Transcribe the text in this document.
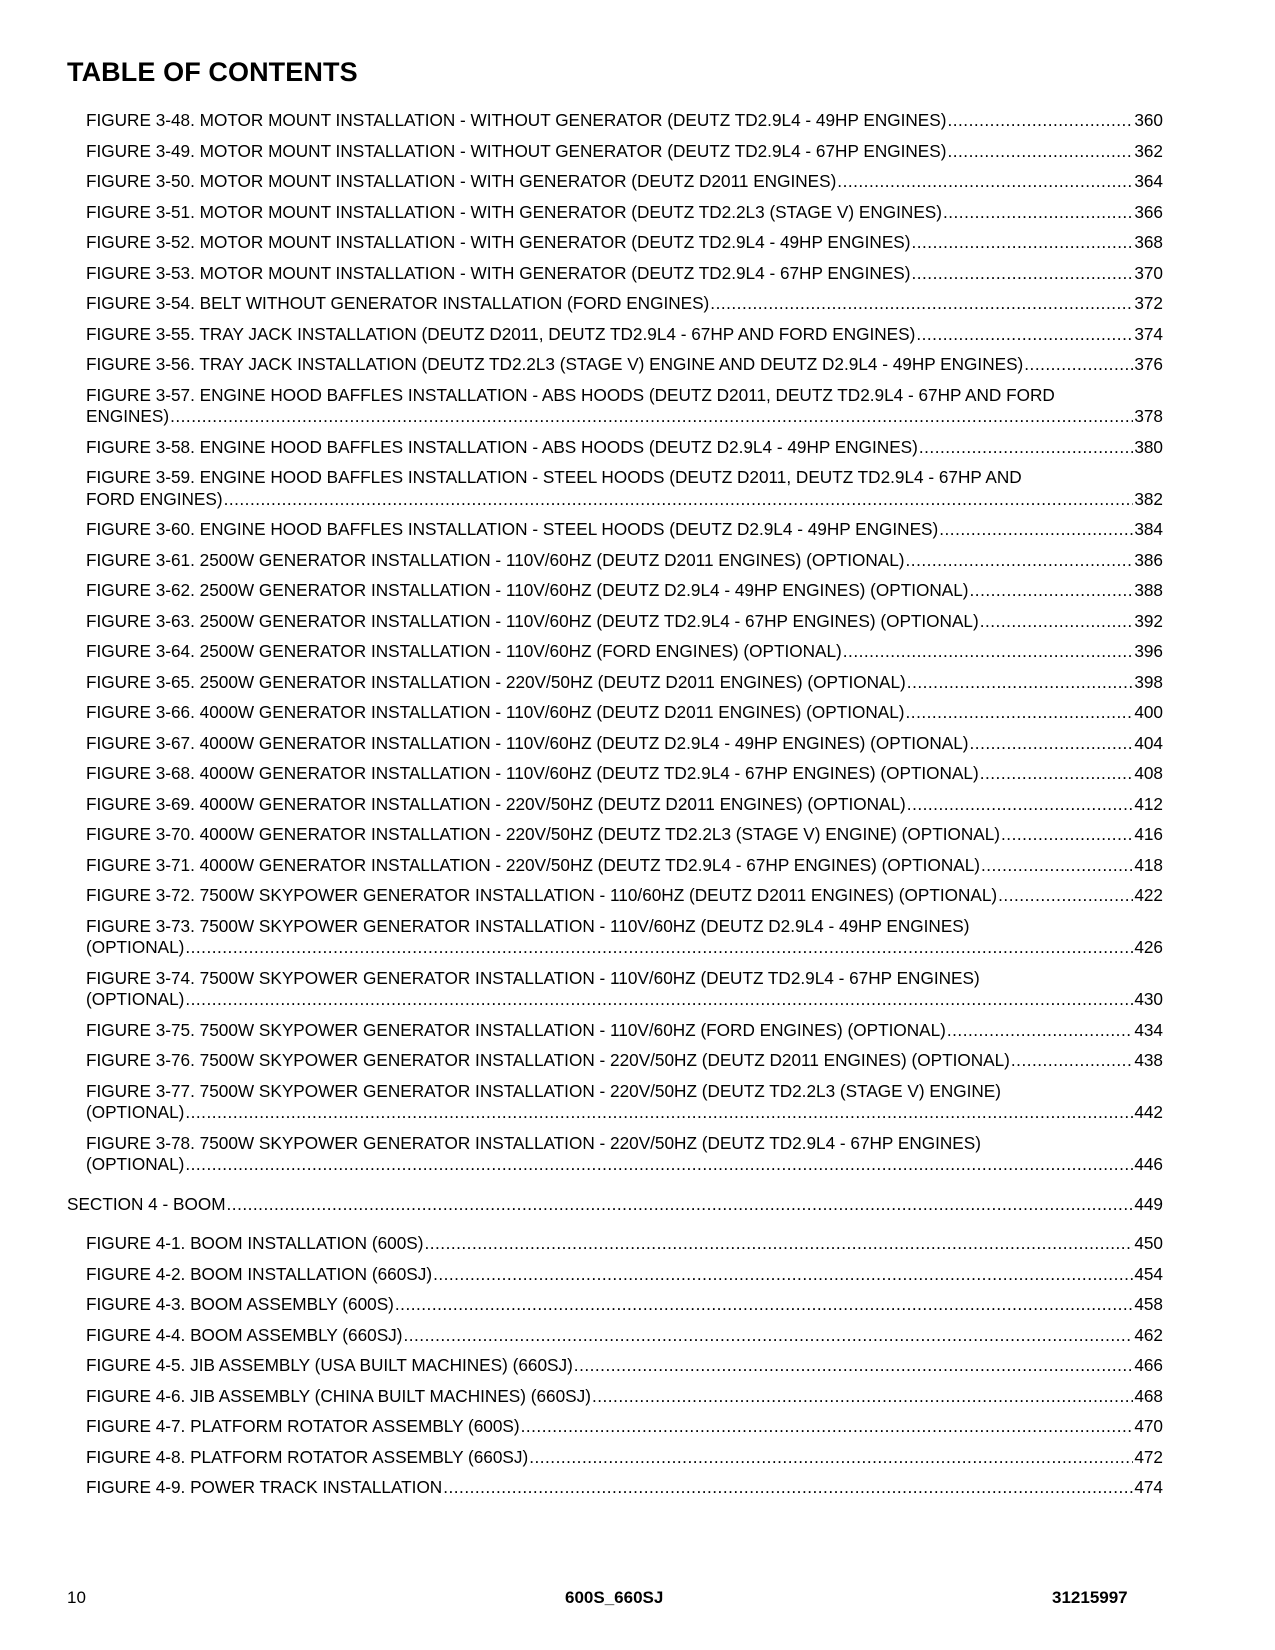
TABLE OF CONTENTS
FIGURE 3-48. MOTOR MOUNT INSTALLATION - WITHOUT GENERATOR (DEUTZ TD2.9L4 - 49HP ENGINES) .....	360
FIGURE 3-49. MOTOR MOUNT INSTALLATION - WITHOUT GENERATOR (DEUTZ TD2.9L4 - 67HP ENGINES) .....	362
FIGURE 3-50. MOTOR MOUNT INSTALLATION - WITH GENERATOR (DEUTZ D2011 ENGINES) .....	364
FIGURE 3-51. MOTOR MOUNT INSTALLATION - WITH GENERATOR (DEUTZ TD2.2L3 (STAGE V) ENGINES) .....	366
FIGURE 3-52. MOTOR MOUNT INSTALLATION - WITH GENERATOR (DEUTZ TD2.9L4 - 49HP ENGINES) .....	368
FIGURE 3-53. MOTOR MOUNT INSTALLATION - WITH GENERATOR (DEUTZ TD2.9L4 - 67HP ENGINES) .....	370
FIGURE 3-54. BELT WITHOUT GENERATOR INSTALLATION (FORD ENGINES) .....	372
FIGURE 3-55. TRAY JACK INSTALLATION (DEUTZ D2011, DEUTZ TD2.9L4 - 67HP AND FORD ENGINES) .....	374
FIGURE 3-56. TRAY JACK INSTALLATION (DEUTZ TD2.2L3 (STAGE V) ENGINE AND DEUTZ D2.9L4 - 49HP ENGINES) .....	376
FIGURE 3-57. ENGINE HOOD BAFFLES INSTALLATION - ABS HOODS (DEUTZ D2011, DEUTZ TD2.9L4 - 67HP AND FORD
ENGINES) .....	378
FIGURE 3-58. ENGINE HOOD BAFFLES INSTALLATION - ABS HOODS (DEUTZ D2.9L4 - 49HP ENGINES) .....	380
FIGURE 3-59. ENGINE HOOD BAFFLES INSTALLATION - STEEL HOODS (DEUTZ D2011, DEUTZ TD2.9L4 - 67HP AND
FORD ENGINES) .....	382
FIGURE 3-60. ENGINE HOOD BAFFLES INSTALLATION - STEEL HOODS (DEUTZ D2.9L4 - 49HP ENGINES) .....	384
FIGURE 3-61. 2500W GENERATOR INSTALLATION - 110V/60HZ (DEUTZ D2011 ENGINES) (OPTIONAL) .....	386
FIGURE 3-62. 2500W GENERATOR INSTALLATION - 110V/60HZ (DEUTZ D2.9L4 - 49HP ENGINES) (OPTIONAL) .....	388
FIGURE 3-63. 2500W GENERATOR INSTALLATION - 110V/60HZ (DEUTZ TD2.9L4 - 67HP ENGINES) (OPTIONAL) .....	392
FIGURE 3-64. 2500W GENERATOR INSTALLATION - 110V/60HZ (FORD ENGINES) (OPTIONAL) .....	396
FIGURE 3-65. 2500W GENERATOR INSTALLATION - 220V/50HZ (DEUTZ D2011 ENGINES) (OPTIONAL) .....	398
FIGURE 3-66. 4000W GENERATOR INSTALLATION - 110V/60HZ (DEUTZ D2011 ENGINES) (OPTIONAL) .....	400
FIGURE 3-67. 4000W GENERATOR INSTALLATION - 110V/60HZ (DEUTZ D2.9L4 - 49HP ENGINES) (OPTIONAL) .....	404
FIGURE 3-68. 4000W GENERATOR INSTALLATION - 110V/60HZ (DEUTZ TD2.9L4 - 67HP ENGINES) (OPTIONAL) .....	408
FIGURE 3-69. 4000W GENERATOR INSTALLATION - 220V/50HZ (DEUTZ D2011 ENGINES) (OPTIONAL) .....	412
FIGURE 3-70. 4000W GENERATOR INSTALLATION - 220V/50HZ (DEUTZ TD2.2L3 (STAGE V) ENGINE) (OPTIONAL) .....	416
FIGURE 3-71. 4000W GENERATOR INSTALLATION - 220V/50HZ (DEUTZ TD2.9L4 - 67HP ENGINES) (OPTIONAL) .....	418
FIGURE 3-72. 7500W SKYPOWER GENERATOR INSTALLATION - 110/60HZ (DEUTZ D2011 ENGINES) (OPTIONAL) .....	422
FIGURE 3-73. 7500W SKYPOWER GENERATOR INSTALLATION - 110V/60HZ (DEUTZ D2.9L4 - 49HP ENGINES)
(OPTIONAL) .....	426
FIGURE 3-74. 7500W SKYPOWER GENERATOR INSTALLATION - 110V/60HZ (DEUTZ TD2.9L4 - 67HP ENGINES)
(OPTIONAL) .....	430
FIGURE 3-75. 7500W SKYPOWER GENERATOR INSTALLATION - 110V/60HZ (FORD ENGINES) (OPTIONAL) .....	434
FIGURE 3-76. 7500W SKYPOWER GENERATOR INSTALLATION - 220V/50HZ (DEUTZ D2011 ENGINES) (OPTIONAL) .....	438
FIGURE 3-77. 7500W SKYPOWER GENERATOR INSTALLATION - 220V/50HZ (DEUTZ TD2.2L3 (STAGE V) ENGINE)
(OPTIONAL) .....	442
FIGURE 3-78. 7500W SKYPOWER GENERATOR INSTALLATION - 220V/50HZ (DEUTZ TD2.9L4 - 67HP ENGINES)
(OPTIONAL) .....	446
SECTION 4 - BOOM .....	449
FIGURE 4-1. BOOM INSTALLATION (600S) .....	450
FIGURE 4-2. BOOM INSTALLATION (660SJ) .....	454
FIGURE 4-3. BOOM ASSEMBLY (600S) .....	458
FIGURE 4-4. BOOM ASSEMBLY (660SJ) .....	462
FIGURE 4-5. JIB ASSEMBLY (USA BUILT MACHINES) (660SJ) .....	466
FIGURE 4-6. JIB ASSEMBLY (CHINA BUILT MACHINES) (660SJ) .....	468
FIGURE 4-7. PLATFORM ROTATOR ASSEMBLY (600S) .....	470
FIGURE 4-8. PLATFORM ROTATOR ASSEMBLY (660SJ) .....	472
FIGURE 4-9. POWER TRACK INSTALLATION .....	474
10	600S_660SJ	31215997
